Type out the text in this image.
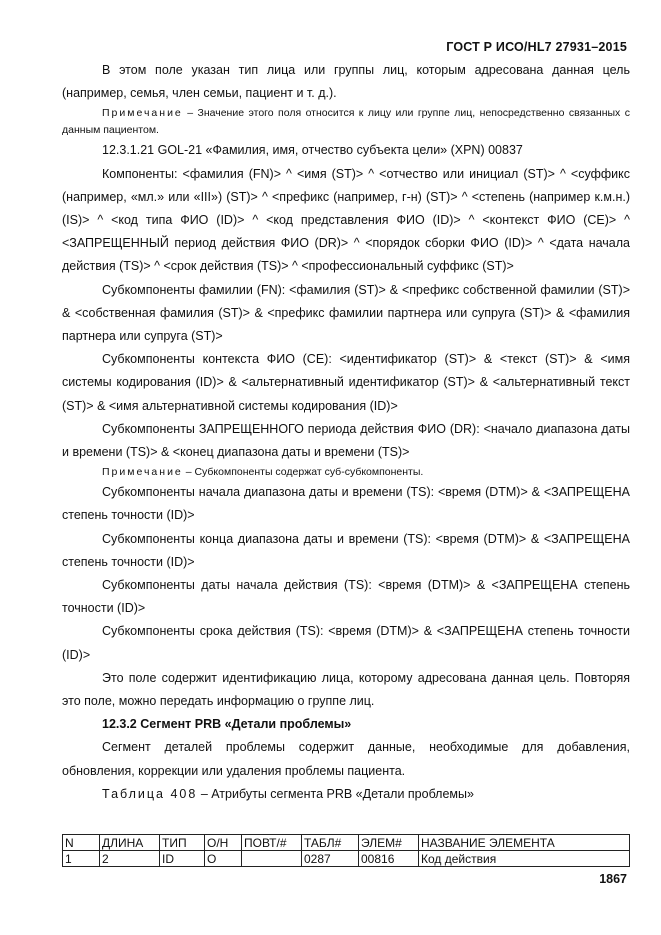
ГОСТ Р ИСО/HL7 27931–2015

В этом поле указан тип лица или группы лиц, которым адресована данная цель (например, семья, член семьи, пациент и т. д.).

Примечание – Значение этого поля относится к лицу или группе лиц, непосредственно связанных с данным пациентом.

12.3.1.21 GOL-21 «Фамилия, имя, отчество субъекта цели» (XPN) 00837

Компоненты: <фамилия (FN)> ^ <имя (ST)> ^ <отчество или инициал (ST)> ^ <суффикс (например, «мл.» или «III») (ST)> ^ <префикс (например, г-н) (ST)> ^ <степень (например к.м.н.) (IS)> ^ <код типа ФИО (ID)> ^ <код представления ФИО (ID)> ^ <контекст ФИО (CE)> ^ <ЗАПРЕЩЕННЫЙ период действия ФИО (DR)> ^ <порядок сборки ФИО (ID)> ^ <дата начала действия (TS)> ^ <срок действия (TS)> ^ <профессиональный суффикс (ST)>

Субкомпоненты фамилии (FN): <фамилия (ST)> & <префикс собственной фамилии (ST)> & <собственная фамилия (ST)> & <префикс фамилии партнера или супруга (ST)> & <фамилия партнера или супруга (ST)>

Субкомпоненты контекста ФИО (CE): <идентификатор (ST)> & <текст (ST)> & <имя системы кодирования (ID)> & <альтернативный идентификатор (ST)> & <альтернативный текст (ST)> & <имя альтернативной системы кодирования (ID)>

Субкомпоненты ЗАПРЕЩЕННОГО периода действия ФИО (DR): <начало диапазона даты и времени (TS)> & <конец диапазона даты и времени (TS)>

Примечание – Субкомпоненты содержат суб-субкомпоненты.

Субкомпоненты начала диапазона даты и времени (TS): <время (DTM)> & <ЗАПРЕЩЕНА степень точности (ID)>

Субкомпоненты конца диапазона даты и времени (TS): <время (DTM)> & <ЗАПРЕЩЕНА степень точности (ID)>

Субкомпоненты даты начала действия (TS): <время (DTM)> & <ЗАПРЕЩЕНА степень точности (ID)>

Субкомпоненты срока действия (TS): <время (DTM)> & <ЗАПРЕЩЕНА степень точности (ID)>

Это поле содержит идентификацию лица, которому адресована данная цель. Повторяя это поле, можно передать информацию о группе лиц.

12.3.2 Сегмент PRB «Детали проблемы»

Сегмент деталей проблемы содержит данные, необходимые для добавления, обновления, коррекции или удаления проблемы пациента.

Таблица 408 – Атрибуты сегмента PRB «Детали проблемы»

N	ДЛИНА	ТИП	О/Н	ПОВТ/#	ТАБЛ#	ЭЛЕМ#	НАЗВАНИЕ ЭЛЕМЕНТА
1	2	ID	О		0287	00816	Код действия
1867
